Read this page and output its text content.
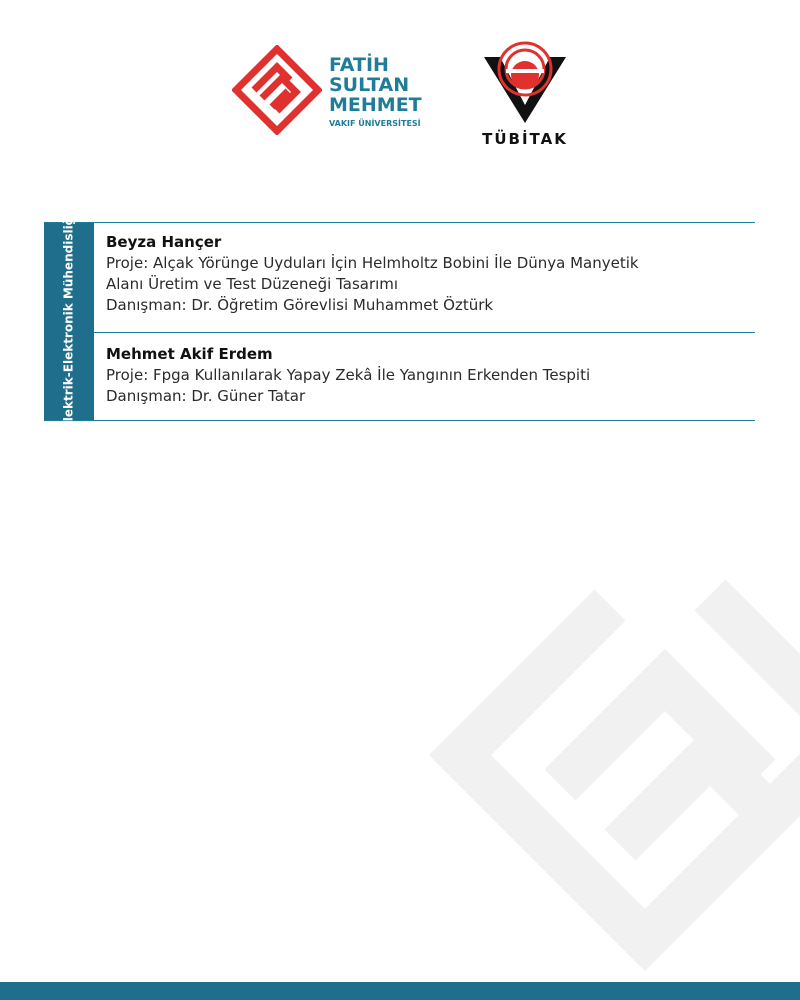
FATİH
SULTAN
MEHMET
VAKIF ÜNİVERSİTESİ
TÜBİTAK
Elektrik-Elektronik Mühendisliği Beyza Hançer
Proje: Alçak Yörünge Uyduları İçin Helmholtz Bobini İle Dünya Manyetik
Alanı Üretim ve Test Düzeneği Tasarımı
Danışman: Dr. Öğretim Görevlisi Muhammet Öztürk
Mehmet Akif Erdem
Proje: Fpga Kullanılarak Yapay Zekâ İle Yangının Erkenden Tespiti
Danışman: Dr. Güner Tatar
